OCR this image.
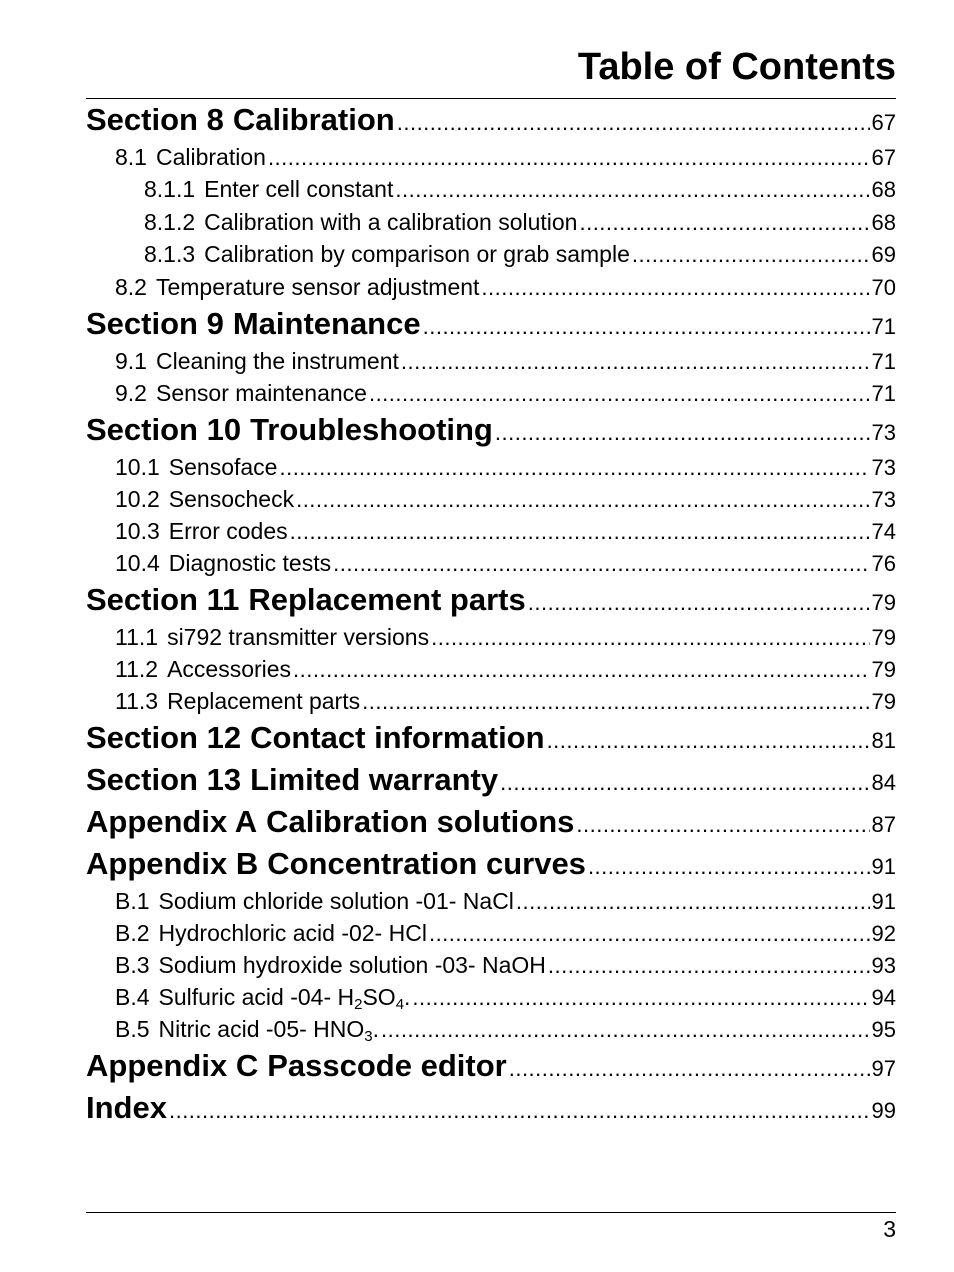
Table of Contents
Section 8 Calibration .....	67
8.1 Calibration .....	67
8.1.1 Enter cell constant .....	68
8.1.2 Calibration with a calibration solution .....	68
8.1.3 Calibration by comparison or grab sample .....	69
8.2 Temperature sensor adjustment .....	70
Section 9 Maintenance .....	71
9.1 Cleaning the instrument .....	71
9.2 Sensor maintenance .....	71
Section 10 Troubleshooting .....	73
10.1 Sensoface .....	73
10.2 Sensocheck .....	73
10.3 Error codes .....	74
10.4 Diagnostic tests .....	76
Section 11 Replacement parts .....	79
11.1 si792 transmitter versions .....	79
11.2 Accessories .....	79
11.3 Replacement parts .....	79
Section 12 Contact information .....	81
Section 13 Limited warranty .....	84
Appendix A Calibration solutions .....	87
Appendix B Concentration curves .....	91
B.1 Sodium chloride solution -01- NaCl .....	91
B.2 Hydrochloric acid -02- HCl .....	92
B.3 Sodium hydroxide solution -03- NaOH .....	93
B.4 Sulfuric acid -04- $H_2SO_4$. .....	94
B.5 Nitric acid -05- $HNO_3$. .....	95
Appendix C Passcode editor .....	97
Index .....	99
3
